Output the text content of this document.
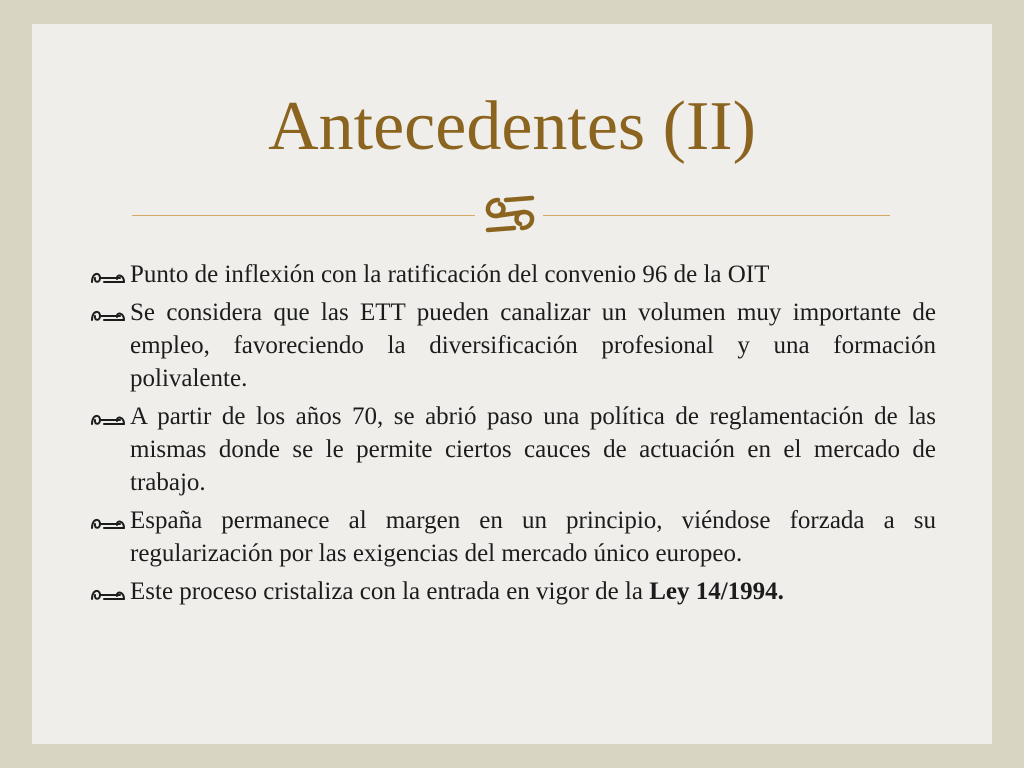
Antecedentes (II)
Punto de inflexión con la ratificación del convenio 96 de la OIT
Se considera que las ETT pueden canalizar un volumen muy importante de empleo, favoreciendo la diversificación profesional y una formación polivalente.
A partir de los años 70, se abrió paso una política de reglamentación de las mismas donde se le permite ciertos cauces de actuación en el mercado de trabajo.
España permanece al margen en un principio, viéndose forzada a su regularización por las exigencias del mercado único europeo.
Este proceso cristaliza con la entrada en vigor de la Ley 14/1994.
